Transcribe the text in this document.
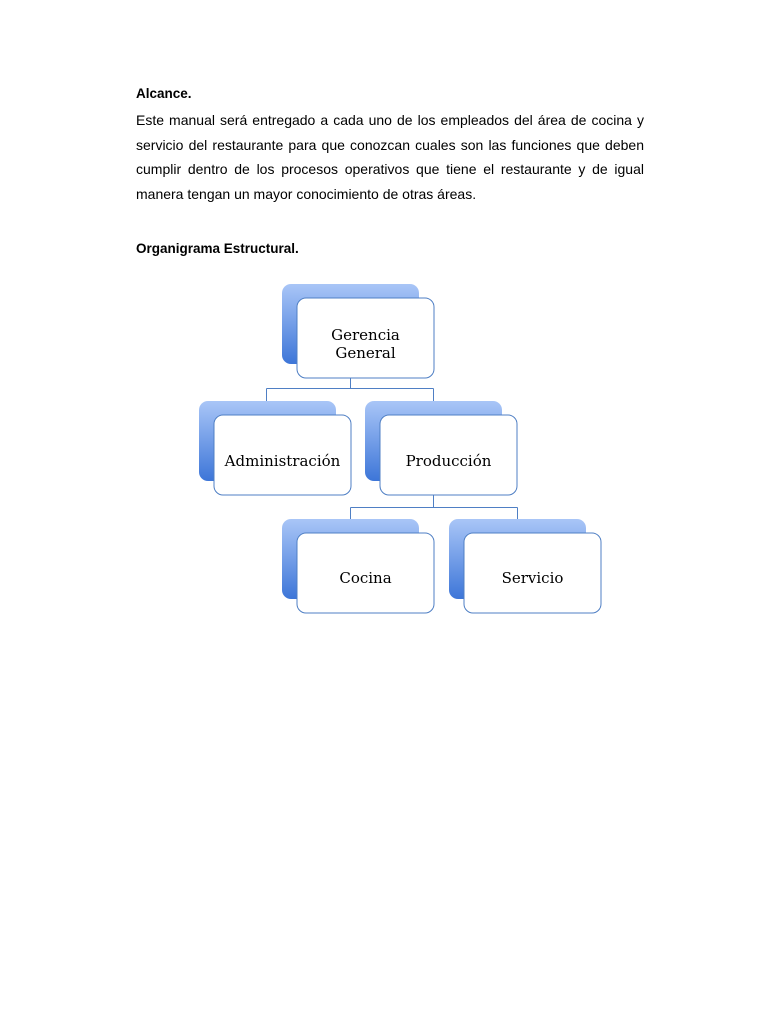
Alcance.

Este manual será entregado a cada uno de los empleados del área de cocina y servicio del restaurante para que conozcan cuales son las funciones que deben cumplir dentro de los procesos operativos que tiene el restaurante y de igual manera tengan un mayor conocimiento de otras áreas.

Organigrama Estructural.
Gerencia
General
Administración	Producción
Cocina	Servicio
